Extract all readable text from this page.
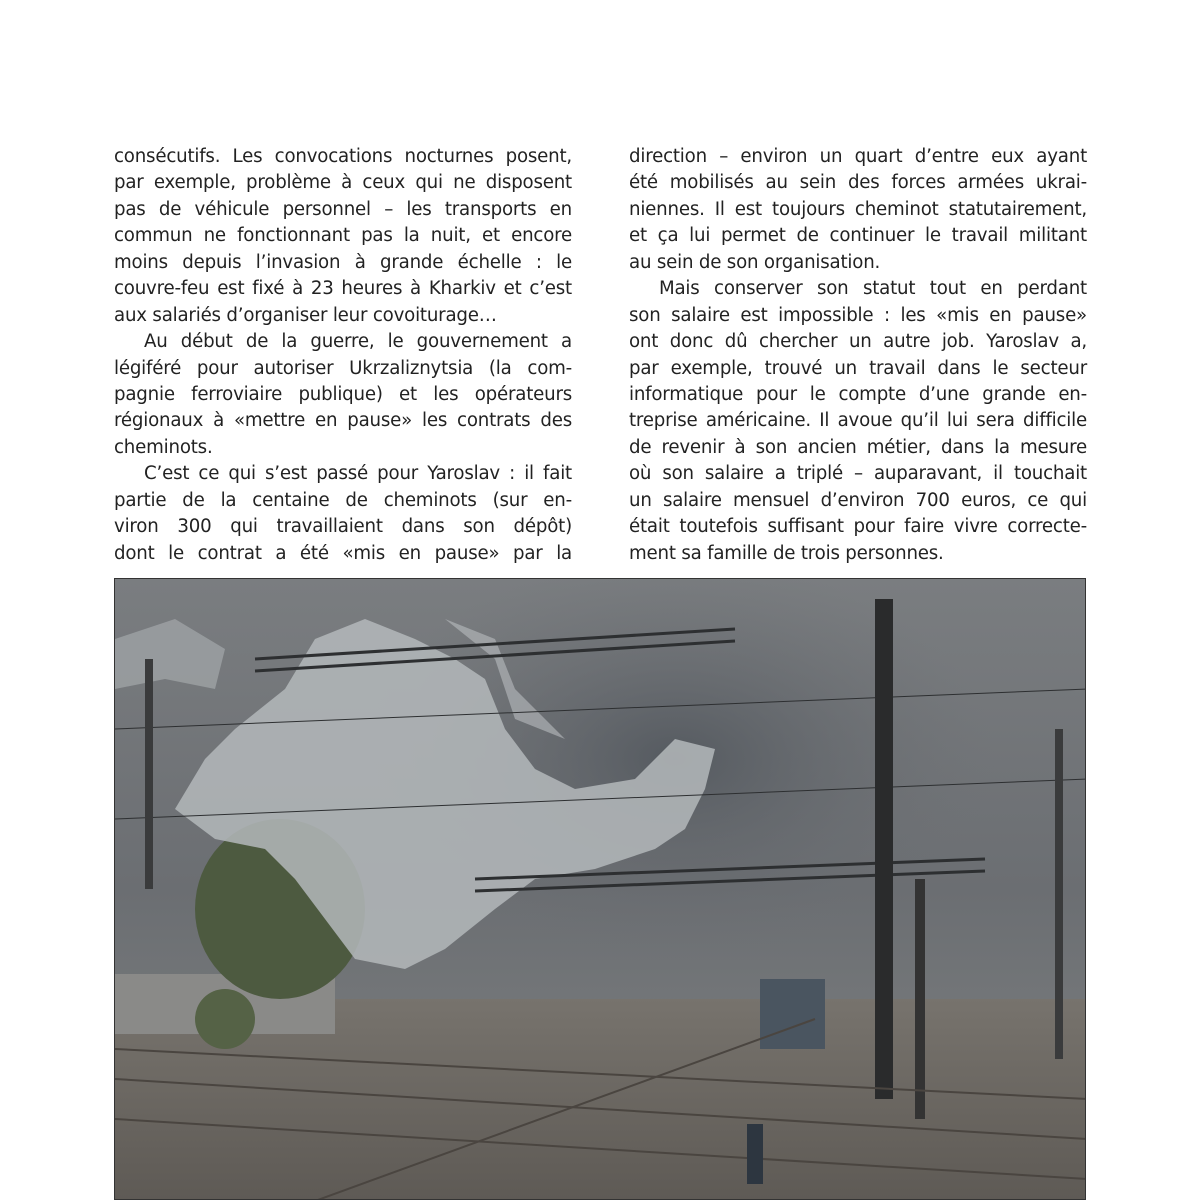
consécutifs. Les convocations nocturnes posent,
par exemple, problème à ceux qui ne disposent
pas de véhicule personnel – les transports en
commun ne fonctionnant pas la nuit, et encore
moins depuis l’invasion à grande échelle : le
couvre-feu est fixé à 23 heures à Kharkiv et c’est
aux salariés d’organiser leur covoiturage…
Au début de la guerre, le gouvernement a
légiféré pour autoriser Ukrzaliznytsia (la com-
pagnie ferroviaire publique) et les opérateurs
régionaux à «mettre en pause» les contrats des
cheminots.
C’est ce qui s’est passé pour Yaroslav : il fait
partie de la centaine de cheminots (sur en-
viron 300 qui travaillaient dans son dépôt)
dont le contrat a été «mis en pause» par la
direction – environ un quart d’entre eux ayant
été mobilisés au sein des forces armées ukrai-
niennes. Il est toujours cheminot statutairement,
et ça lui permet de continuer le travail militant
au sein de son organisation.
Mais conserver son statut tout en perdant
son salaire est impossible : les «mis en pause»
ont donc dû chercher un autre job. Yaroslav a,
par exemple, trouvé un travail dans le secteur
informatique pour le compte d’une grande en-
treprise américaine. Il avoue qu’il lui sera difficile
de revenir à son ancien métier, dans la mesure
où son salaire a triplé – auparavant, il touchait
un salaire mensuel d’environ 700 euros, ce qui
était toutefois suffisant pour faire vivre correcte-
ment sa famille de trois personnes.
